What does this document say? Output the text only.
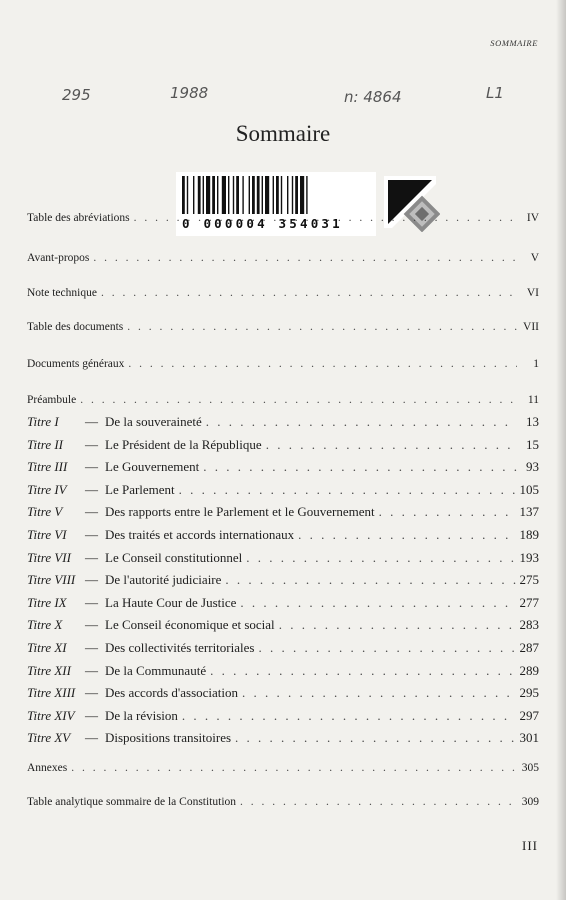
SOMMAIRE
295	1988	n: 4864	L1
Sommaire
0 000004 354031
Table des abréviations . . .	IV
Avant-propos . . .	V
Note technique . . .	VI
Table des documents . . .	VII
Documents généraux . . .	1
Préambule . . .	11
Titre I	— De la souveraineté . . .	13
Titre II	— Le Président de la République . . .	15
Titre III	— Le Gouvernement . . .	93
Titre IV	— Le Parlement . . .	105
Titre V	— Des rapports entre le Parlement et le Gouvernement . . .	137
Titre VI	— Des traités et accords internationaux . . .	189
Titre VII	— Le Conseil constitutionnel . . .	193
Titre VIII — De l'autorité judiciaire . . .	275
Titre IX	— La Haute Cour de Justice . . .	277
Titre X	— Le Conseil économique et social . . .	283
Titre XI	— Des collectivités territoriales . . .	287
Titre XII	— De la Communauté . . .	289
Titre XIII — Des accords d'association . . .	295
Titre XIV — De la révision . . .	297
Titre XV	— Dispositions transitoires . . .	301
Annexes . . .	305
Table analytique sommaire de la Constitution . . .	309
III
